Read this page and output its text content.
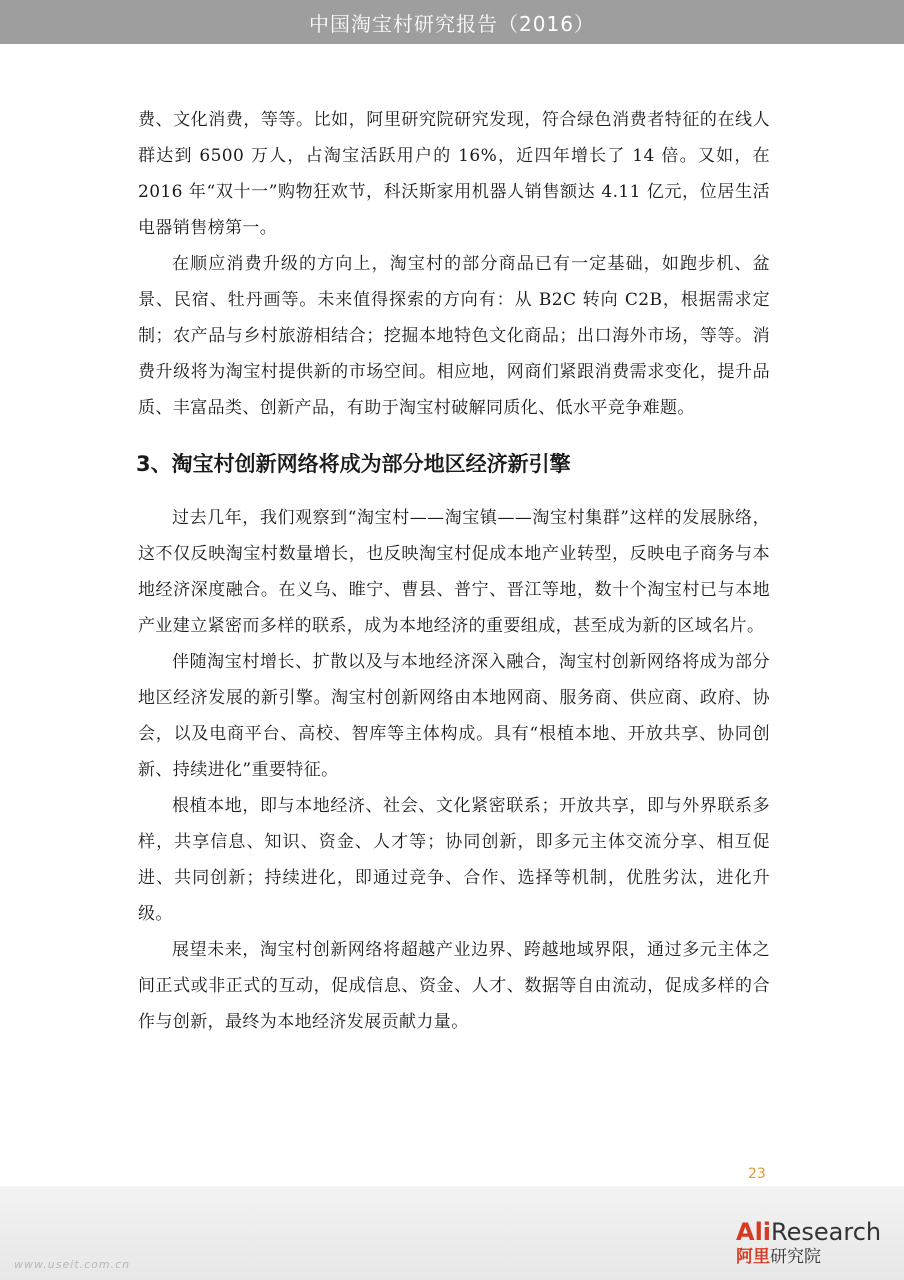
中国淘宝村研究报告（2016）

费、文化消费，等等。比如，阿里研究院研究发现，符合绿色消费者特征的在线人群达到 6500 万人，占淘宝活跃用户的 16%，近四年增长了 14 倍。又如，在 2016 年“双十一”购物狂欢节，科沃斯家用机器人销售额达 4.11 亿元，位居生活电器销售榜第一。

在顺应消费升级的方向上，淘宝村的部分商品已有一定基础，如跑步机、盆景、民宿、牡丹画等。未来值得探索的方向有：从 B2C 转向 C2B，根据需求定制；农产品与乡村旅游相结合；挖掘本地特色文化商品；出口海外市场，等等。消费升级将为淘宝村提供新的市场空间。相应地，网商们紧跟消费需求变化，提升品质、丰富品类、创新产品，有助于淘宝村破解同质化、低水平竞争难题。

3、淘宝村创新网络将成为部分地区经济新引擎

过去几年，我们观察到“淘宝村——淘宝镇——淘宝村集群”这样的发展脉络，这不仅反映淘宝村数量增长，也反映淘宝村促成本地产业转型，反映电子商务与本地经济深度融合。在义乌、睢宁、曹县、普宁、晋江等地，数十个淘宝村已与本地产业建立紧密而多样的联系，成为本地经济的重要组成，甚至成为新的区域名片。

伴随淘宝村增长、扩散以及与本地经济深入融合，淘宝村创新网络将成为部分地区经济发展的新引擎。淘宝村创新网络由本地网商、服务商、供应商、政府、协会，以及电商平台、高校、智库等主体构成。具有“根植本地、开放共享、协同创新、持续进化”重要特征。

根植本地，即与本地经济、社会、文化紧密联系；开放共享，即与外界联系多样，共享信息、知识、资金、人才等；协同创新，即多元主体交流分享、相互促进、共同创新；持续进化，即通过竞争、合作、选择等机制，优胜劣汰，进化升级。

展望未来，淘宝村创新网络将超越产业边界、跨越地域界限，通过多元主体之间正式或非正式的互动，促成信息、资金、人才、数据等自由流动，促成多样的合作与创新，最终为本地经济发展贡献力量。

23
www.useit.com.cn
AliResearch
阿里研究院
